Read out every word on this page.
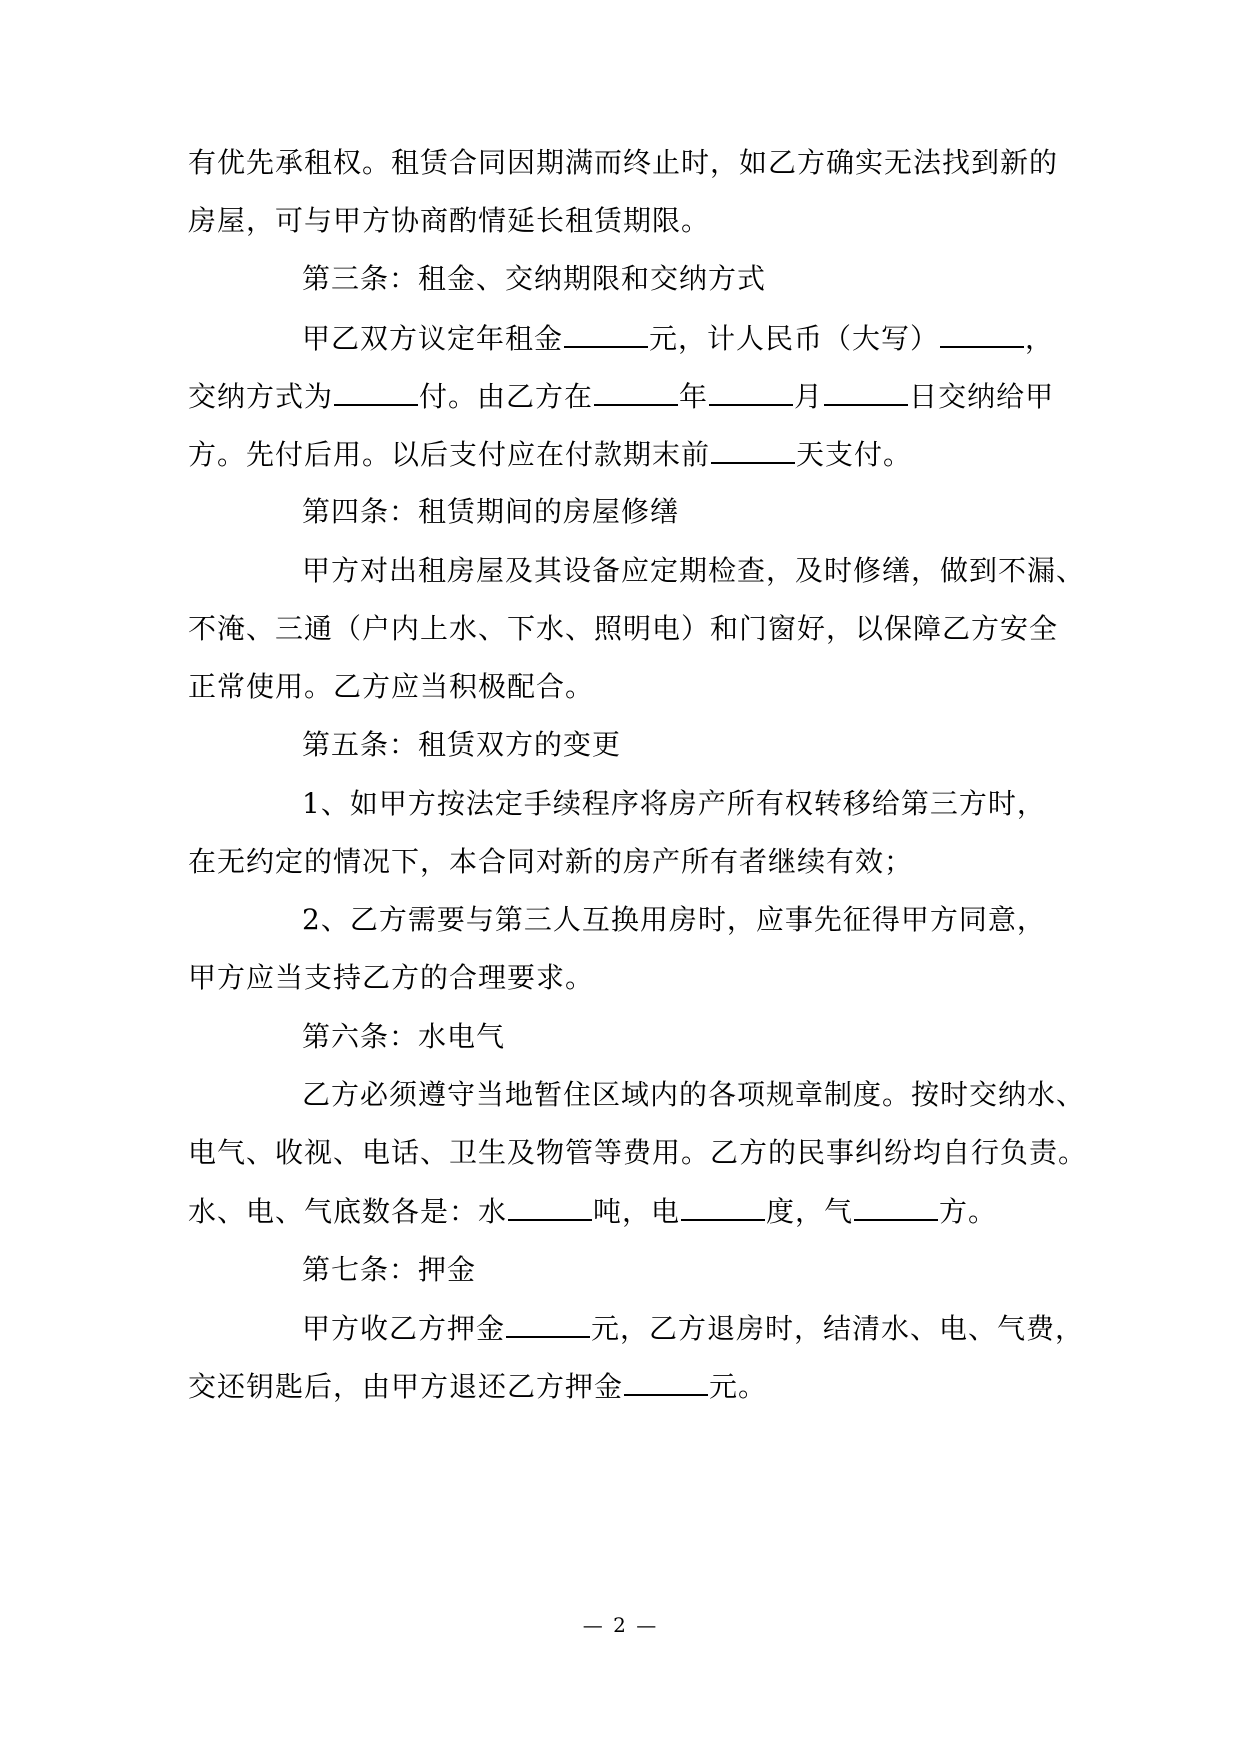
有优先承租权。租赁合同因期满而终止时，如乙方确实无法找到新的
房屋，可与甲方协商酌情延长租赁期限。
第三条：租金、交纳期限和交纳方式
甲乙双方议定年租金	元，计人民币（大写）	，
交纳方式为	付。由乙方在	年	月	日交纳给甲
方。先付后用。以后支付应在付款期末前	天支付。
第四条：租赁期间的房屋修缮
甲方对出租房屋及其设备应定期检查，及时修缮，做到不漏、
不淹、三通（户内上水、下水、照明电）和门窗好，以保障乙方安全
正常使用。乙方应当积极配合。
第五条：租赁双方的变更
1、如甲方按法定手续程序将房产所有权转移给第三方时，
在无约定的情况下，本合同对新的房产所有者继续有效；
2、乙方需要与第三人互换用房时，应事先征得甲方同意，
甲方应当支持乙方的合理要求。
第六条：水电气
乙方必须遵守当地暂住区域内的各项规章制度。按时交纳水、
电气、收视、电话、卫生及物管等费用。乙方的民事纠纷均自行负责。
水、电、气底数各是：水	吨，电	度，气	方。
第七条：押金
甲方收乙方押金	元，乙方退房时，结清水、电、气费，
交还钥匙后，由甲方退还乙方押金	元。
— 2 —
